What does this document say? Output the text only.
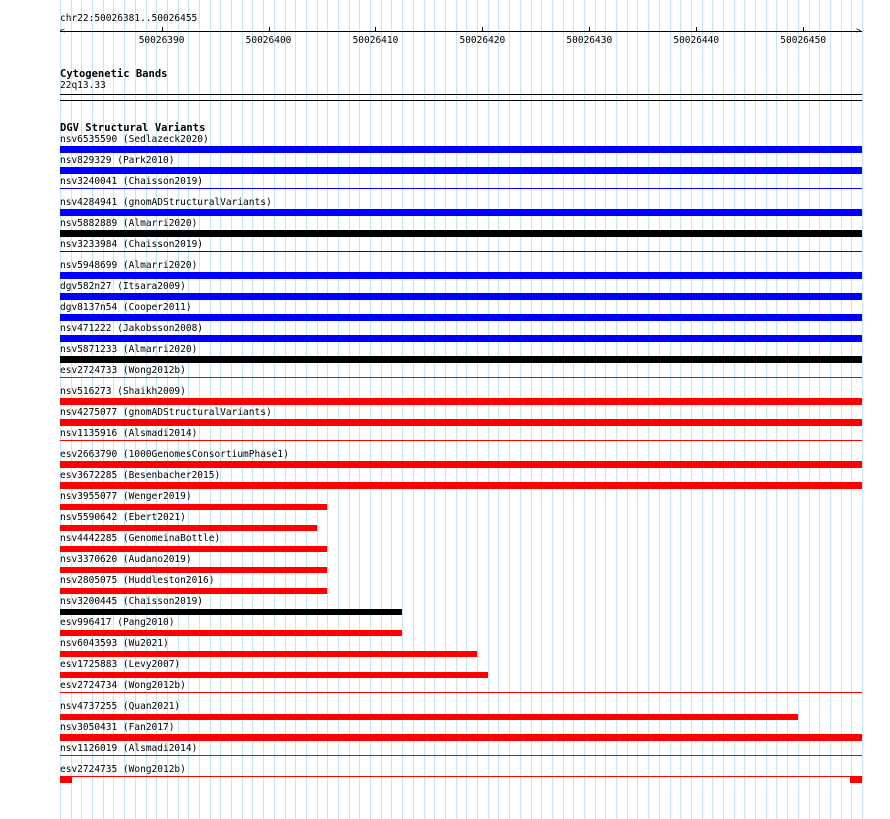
chr22:50026381..50026455
50026390	50026400	50026410	50026420	50026430	50026440	50026450
Cytogenetic Bands
22q13.33
DGV Structural Variants
nsv6535590 (Sedlazeck2020)
nsv829329 (Park2010)
nsv3240041 (Chaisson2019)
nsv4284941 (gnomADStructuralVariants)
nsv5882889 (Almarri2020)
nsv3233984 (Chaisson2019)
nsv5948699 (Almarri2020)
dgv582n27 (Itsara2009)
dgv8137n54 (Cooper2011)
nsv471222 (Jakobsson2008)
nsv5871233 (Almarri2020)
esv2724733 (Wong2012b)
nsv516273 (Shaikh2009)
nsv4275077 (gnomADStructuralVariants)
nsv1135916 (Alsmadi2014)
esv2663790 (1000GenomesConsortiumPhase1)
esv3672285 (Besenbacher2015)
nsv3955077 (Wenger2019)
nsv5590642 (Ebert2021)
nsv4442285 (GenomeinaBottle)
nsv3370620 (Audano2019)
nsv2805075 (Huddleston2016)
nsv3200445 (Chaisson2019)
esv996417 (Pang2010)
nsv6043593 (Wu2021)
esv1725883 (Levy2007)
esv2724734 (Wong2012b)
nsv4737255 (Quan2021)
nsv3050431 (Fan2017)
nsv1126019 (Alsmadi2014)
esv2724735 (Wong2012b)
